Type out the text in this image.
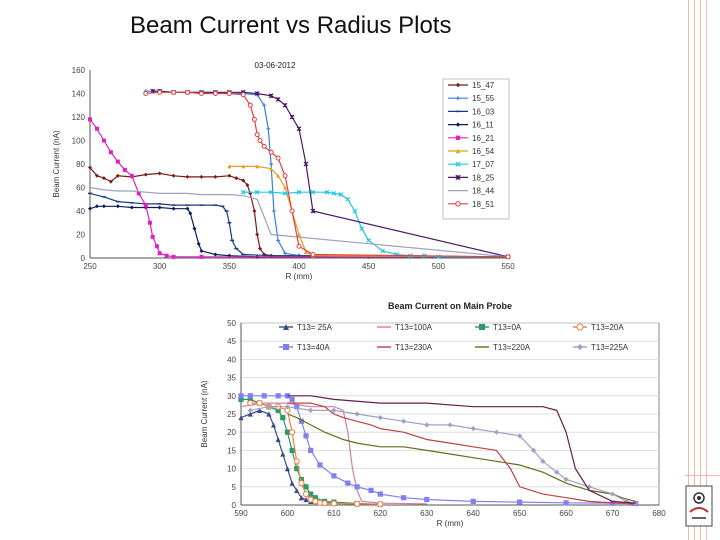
Beam Current vs Radius Plots
0
20
40
60
80
100
120
140
160
250	300	350	400	450	500	550
R (mm)
Beam Current (nA)
03-06-2012
15_47
15_55
16_03
16_11
16_21
16_54
17_07
18_25
18_44
18_51
0
5
10
15
20
25
30
35
40
45
50
590	600	610	620	630	640	650	660	670	680
R (mm)
Beam Current (nA)
Beam Current on Main Probe
T13= 25A	T13=100A	T13=0A	T13=20A
T13=40A	T13=230A	T13=220A	T13=225A
